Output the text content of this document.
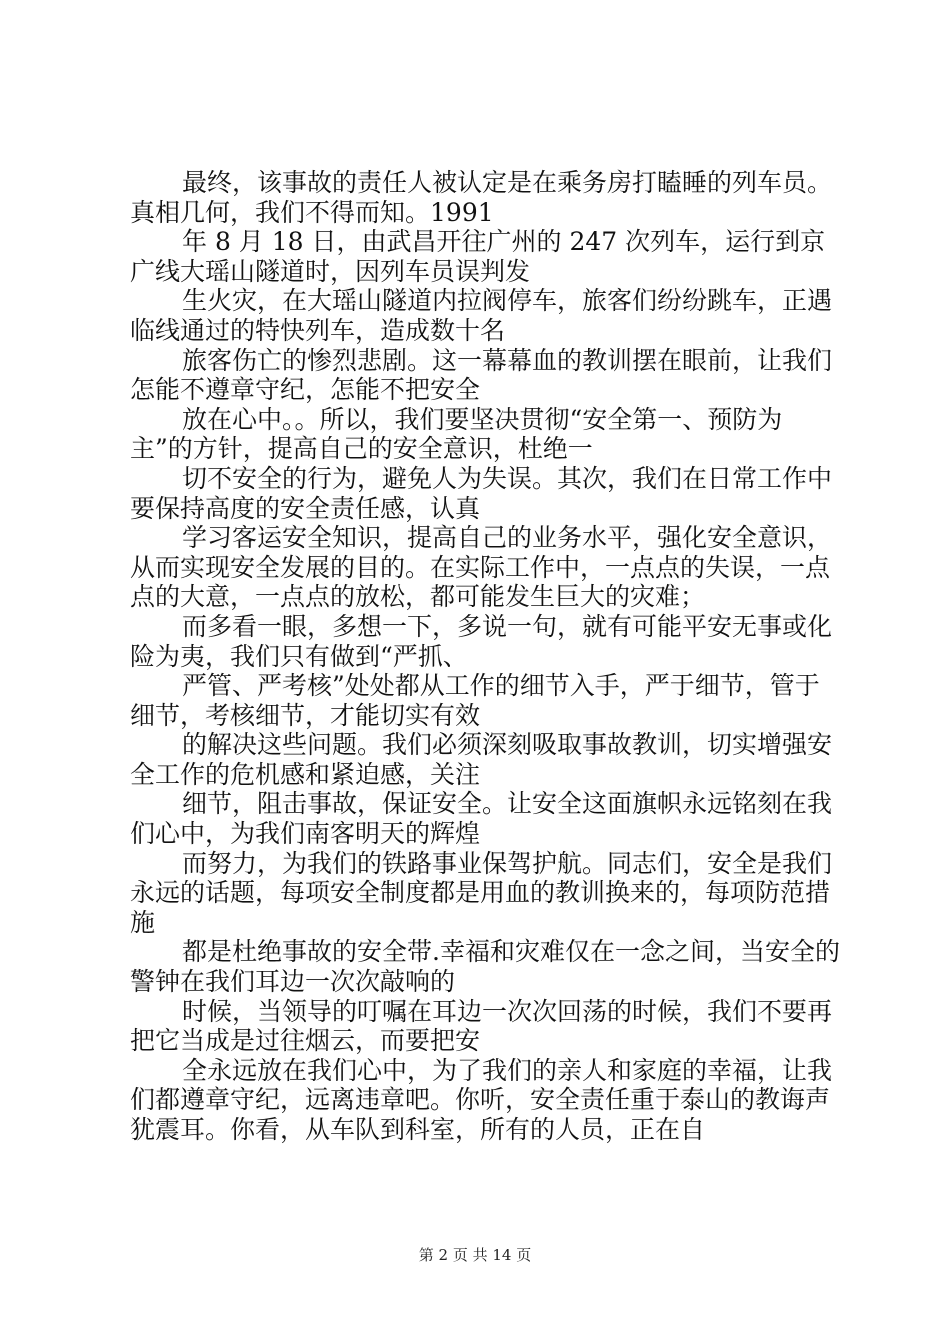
最终，该事故的责任人被认定是在乘务房打瞌睡的列车员。真相几何，我们不得而知。1991

年 8 月 18 日，由武昌开往广州的 247 次列车，运行到京广线大瑶山隧道时，因列车员误判发

生火灾，在大瑶山隧道内拉阀停车，旅客们纷纷跳车，正遇临线通过的特快列车，造成数十名

旅客伤亡的惨烈悲剧。这一幕幕血的教训摆在眼前，让我们怎能不遵章守纪，怎能不把安全

放在心中。。所以，我们要坚决贯彻“安全第一、预防为主”的方针，提高自己的安全意识，杜绝一

切不安全的行为，避免人为失误。其次，我们在日常工作中要保持高度的安全责任感，认真

学习客运安全知识，提高自己的业务水平，强化安全意识，从而实现安全发展的目的。在实际工作中，一点点的失误，一点点的大意，一点点的放松，都可能发生巨大的灾难；

而多看一眼，多想一下，多说一句，就有可能平安无事或化险为夷，我们只有做到“严抓、

严管、严考核”处处都从工作的细节入手，严于细节，管于细节，考核细节，才能切实有效

的解决这些问题。我们必须深刻吸取事故教训，切实增强安全工作的危机感和紧迫感，关注

细节，阻击事故，保证安全。让安全这面旗帜永远铭刻在我们心中，为我们南客明天的辉煌

而努力，为我们的铁路事业保驾护航。同志们，安全是我们永远的话题，每项安全制度都是用血的教训换来的，每项防范措施

都是杜绝事故的安全带.幸福和灾难仅在一念之间，当安全的警钟在我们耳边一次次敲响的

时候，当领导的叮嘱在耳边一次次回荡的时候，我们不要再把它当成是过往烟云，而要把安

全永远放在我们心中，为了我们的亲人和家庭的幸福，让我们都遵章守纪，远离违章吧。你听，安全责任重于泰山的教诲声犹震耳。你看，从车队到科室，所有的人员，正在自

第 2 页 共 14 页
